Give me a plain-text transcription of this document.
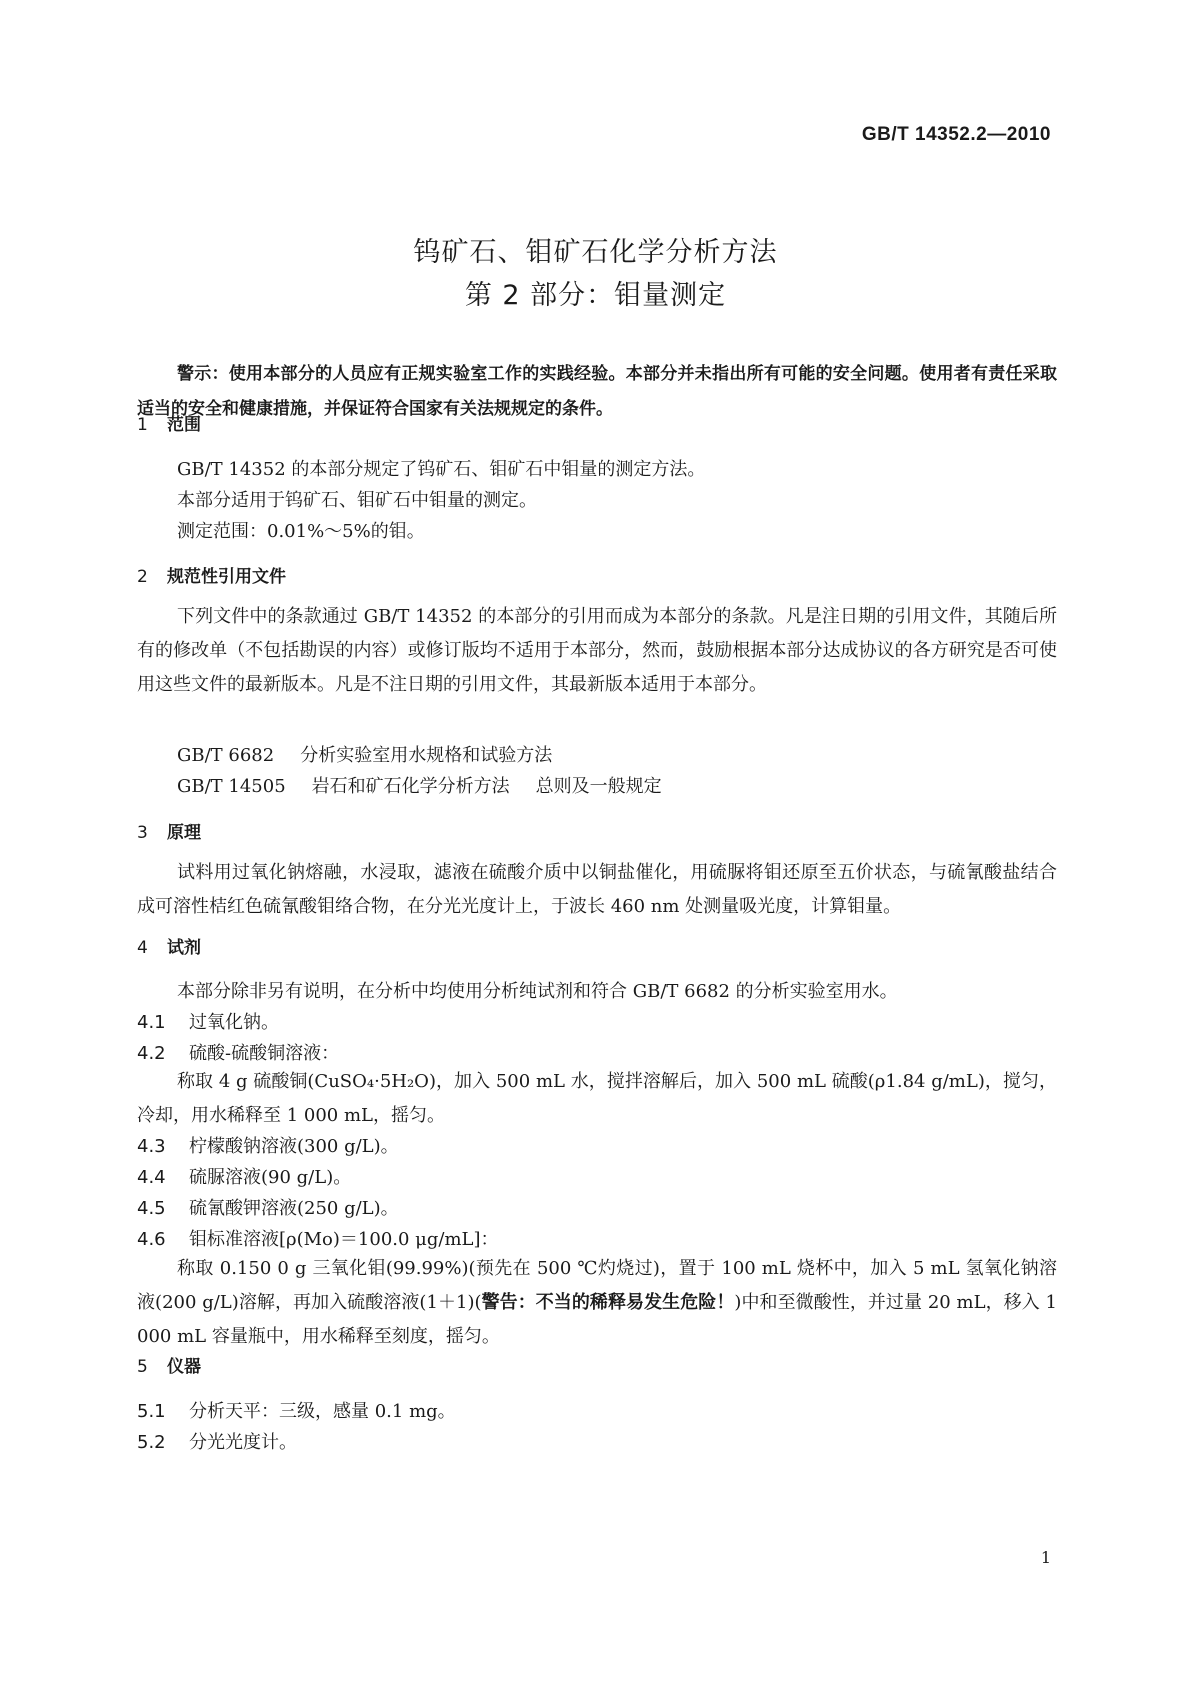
GB/T 14352.2—2010
钨矿石、钼矿石化学分析方法
第 2 部分：钼量测定
警示：使用本部分的人员应有正规实验室工作的实践经验。本部分并未指出所有可能的安全问题。使用者有责任采取适当的安全和健康措施，并保证符合国家有关法规规定的条件。
1 范围
GB/T 14352 的本部分规定了钨矿石、钼矿石中钼量的测定方法。
本部分适用于钨矿石、钼矿石中钼量的测定。
测定范围：0.01%～5%的钼。
2 规范性引用文件
下列文件中的条款通过 GB/T 14352 的本部分的引用而成为本部分的条款。凡是注日期的引用文件，其随后所有的修改单（不包括勘误的内容）或修订版均不适用于本部分，然而，鼓励根据本部分达成协议的各方研究是否可使用这些文件的最新版本。凡是不注日期的引用文件，其最新版本适用于本部分。
GB/T 6682 分析实验室用水规格和试验方法
GB/T 14505 岩石和矿石化学分析方法 总则及一般规定
3 原理
试料用过氧化钠熔融，水浸取，滤液在硫酸介质中以铜盐催化，用硫脲将钼还原至五价状态，与硫氰酸盐结合成可溶性桔红色硫氰酸钼络合物，在分光光度计上，于波长 460 nm 处测量吸光度，计算钼量。
4 试剂
本部分除非另有说明，在分析中均使用分析纯试剂和符合 GB/T 6682 的分析实验室用水。
4.1 过氧化钠。
4.2 硫酸-硫酸铜溶液：
称取 4 g 硫酸铜(CuSO₄·5H₂O)，加入 500 mL 水，搅拌溶解后，加入 500 mL 硫酸(ρ1.84 g/mL)，搅匀，冷却，用水稀释至 1 000 mL，摇匀。
4.3 柠檬酸钠溶液(300 g/L)。
4.4 硫脲溶液(90 g/L)。
4.5 硫氰酸钾溶液(250 g/L)。
4.6 钼标准溶液[ρ(Mo)＝100.0 μg/mL]：
称取 0.150 0 g 三氧化钼(99.99%)(预先在 500 ℃灼烧过)，置于 100 mL 烧杯中，加入 5 mL 氢氧化钠溶液(200 g/L)溶解，再加入硫酸溶液(1＋1)(警告：不当的稀释易发生危险！)中和至微酸性，并过量 20 mL，移入 1 000 mL 容量瓶中，用水稀释至刻度，摇匀。
5 仪器
5.1 分析天平：三级，感量 0.1 mg。
5.2 分光光度计。
1
